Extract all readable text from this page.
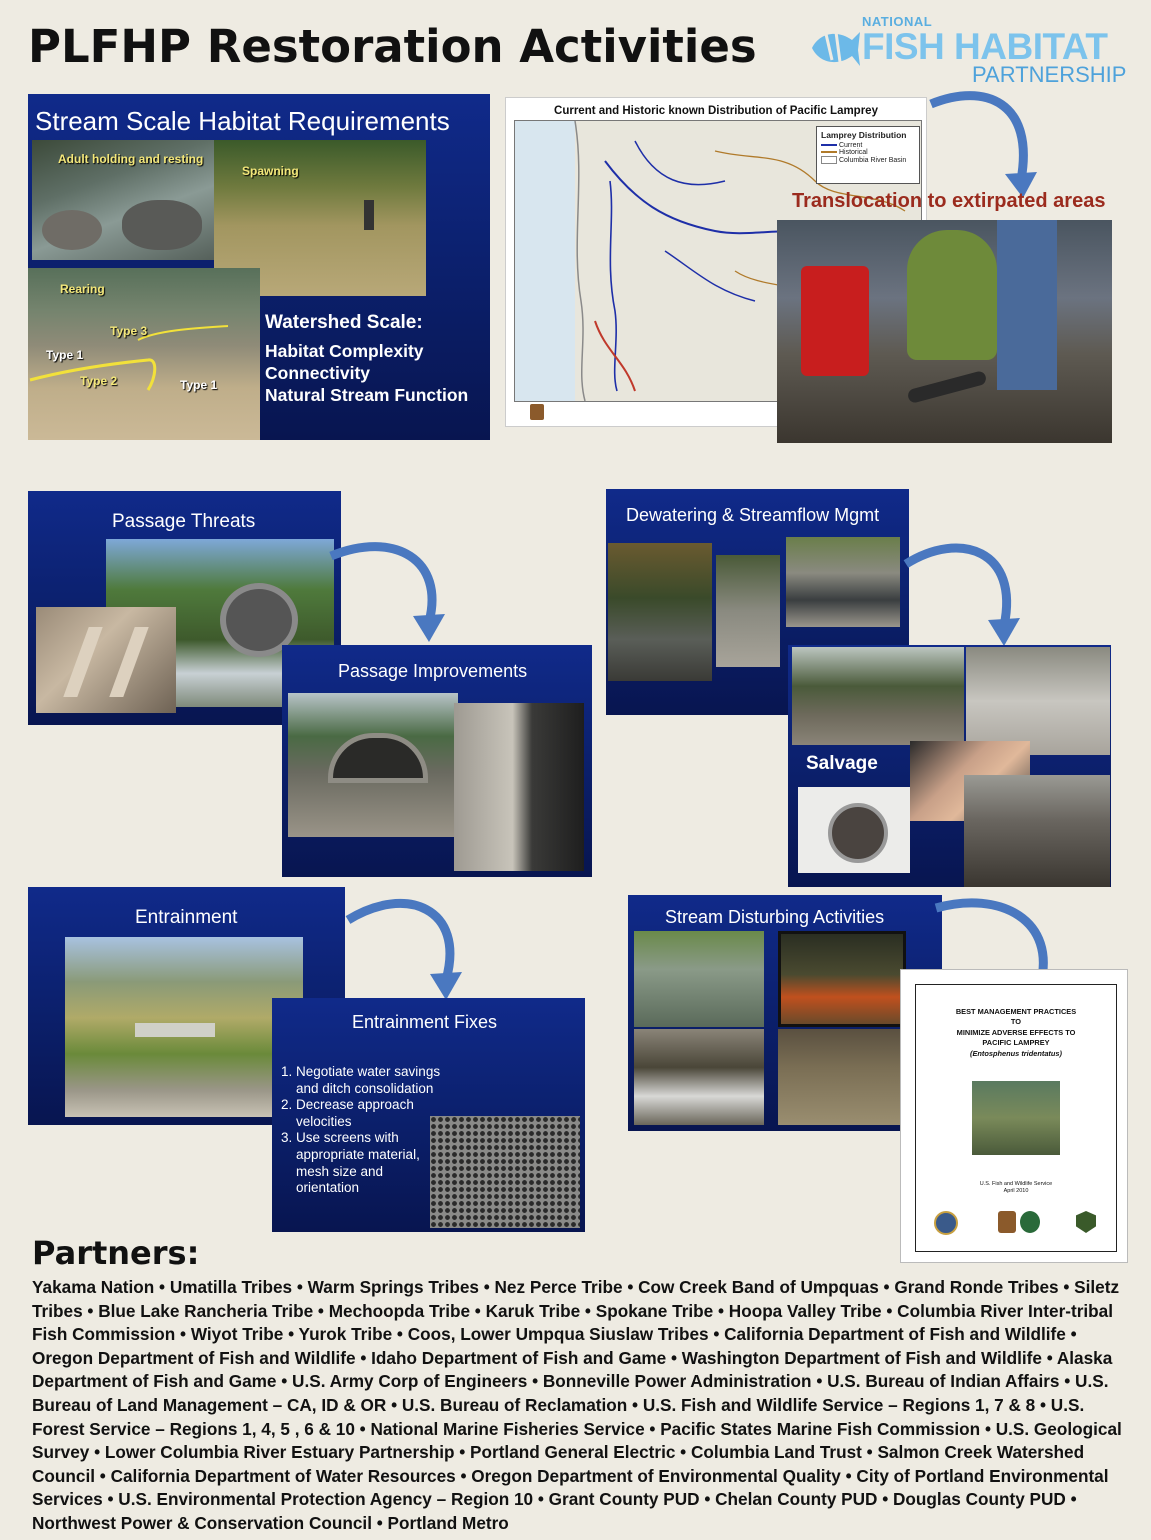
PLFHP Restoration Activities	NATIONAL
FISH HABITAT
PARTNERSHIP
Stream Scale Habitat Requirements
Adult holding and resting
Spawning
Rearing
Type 3
Type 1
Type 2	Type 1
Watershed Scale:
Habitat Complexity
Connectivity
Natural Stream Function
Current and Historic known Distribution of Pacific Lamprey
Lamprey Distribution
Current
Historical
Columbia River Basin
Translocation to extirpated areas
Passage Threats
Passage Improvements
Dewatering & Streamflow Mgmt
Salvage
Entrainment
Entrainment Fixes
1. Negotiate water savings and ditch consolidation
2. Decrease approach velocities
3. Use screens with appropriate material, mesh size and orientation
Stream Disturbing Activities
BEST MANAGEMENT PRACTICES
TO
MINIMIZE ADVERSE EFFECTS TO
PACIFIC LAMPREY
(Entosphenus tridentatus)
U.S. Fish and Wildlife Service
April 2010
Partners:
Yakama Nation • Umatilla Tribes • Warm Springs Tribes • Nez Perce Tribe • Cow Creek Band of Umpquas • Grand Ronde Tribes • Siletz Tribes • Blue Lake Rancheria Tribe • Mechoopda Tribe • Karuk Tribe • Spokane Tribe • Hoopa Valley Tribe • Columbia River Inter-tribal Fish Commission • Wiyot Tribe • Yurok Tribe • Coos, Lower Umpqua Siuslaw Tribes • California Department of Fish and Wildlife • Oregon Department of Fish and Wildlife • Idaho Department of Fish and Game • Washington Department of Fish and Wildlife • Alaska Department of Fish and Game • U.S. Army Corp of Engineers • Bonneville Power Administration • U.S. Bureau of Indian Affairs • U.S. Bureau of Land Management – CA, ID & OR • U.S. Bureau of Reclamation • U.S. Fish and Wildlife Service – Regions 1, 7 & 8 • U.S. Forest Service – Regions 1, 4, 5 , 6 & 10 • National Marine Fisheries Service • Pacific States Marine Fish Commission • U.S. Geological Survey • Lower Columbia River Estuary Partnership • Portland General Electric • Columbia Land Trust • Salmon Creek Watershed Council • California Department of Water Resources • Oregon Department of Environmental Quality • City of Portland Environmental Services • U.S. Environmental Protection Agency – Region 10 • Grant County PUD • Chelan County PUD • Douglas County PUD • Northwest Power & Conservation Council • Portland Metro
